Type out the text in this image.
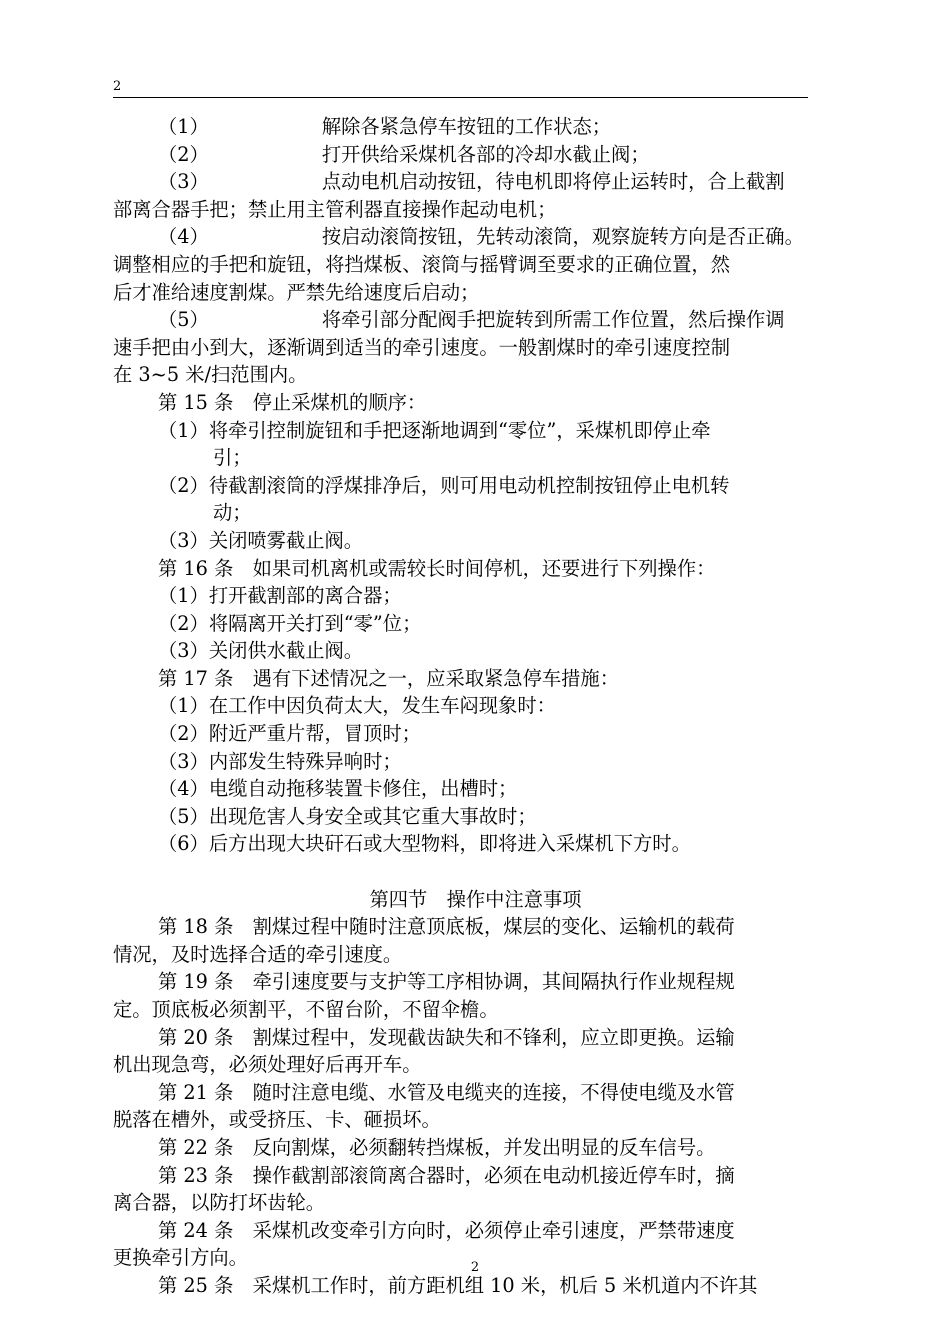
2
（1）	解除各紧急停车按钮的工作状态；
（2）	打开供给采煤机各部的冷却水截止阀；
（3）	点动电机启动按钮，待电机即将停止运转时，合上截割
部离合器手把；禁止用主管利器直接操作起动电机；
（4）	按启动滚筒按钮，先转动滚筒，观察旋转方向是否正确。
调整相应的手把和旋钮，将挡煤板、滚筒与摇臂调至要求的正确位置，然
后才准给速度割煤。严禁先给速度后启动；
（5）	将牵引部分配阀手把旋转到所需工作位置，然后操作调
速手把由小到大，逐渐调到适当的牵引速度。一般割煤时的牵引速度控制
在 3~5 米/扫范围内。
第 15 条　停止采煤机的顺序：
（1）将牵引控制旋钮和手把逐渐地调到“零位”，采煤机即停止牵
引；
（2）待截割滚筒的浮煤排净后，则可用电动机控制按钮停止电机转
动；
（3）关闭喷雾截止阀。
第 16 条　如果司机离机或需较长时间停机，还要进行下列操作：
（1）打开截割部的离合器；
（2）将隔离开关打到“零”位；
（3）关闭供水截止阀。
第 17 条　遇有下述情况之一，应采取紧急停车措施：
（1）在工作中因负荷太大，发生车闷现象时：
（2）附近严重片帮，冒顶时；
（3）内部发生特殊异响时；
（4）电缆自动拖移装置卡修住，出槽时；
（5）出现危害人身安全或其它重大事故时；
（6）后方出现大块矸石或大型物料，即将进入采煤机下方时。
第四节　操作中注意事项
第 18 条　割煤过程中随时注意顶底板，煤层的变化、运输机的载荷
情况，及时选择合适的牵引速度。
第 19 条　牵引速度要与支护等工序相协调，其间隔执行作业规程规
定。顶底板必须割平，不留台阶，不留伞檐。
第 20 条　割煤过程中，发现截齿缺失和不锋利，应立即更换。运输
机出现急弯，必须处理好后再开车。
第 21 条　随时注意电缆、水管及电缆夹的连接，不得使电缆及水管
脱落在槽外，或受挤压、卡、砸损坏。
第 22 条　反向割煤，必须翻转挡煤板，并发出明显的反车信号。
第 23 条　操作截割部滚筒离合器时，必须在电动机接近停车时，摘
离合器，以防打坏齿轮。
第 24 条　采煤机改变牵引方向时，必须停止牵引速度，严禁带速度
更换牵引方向。
第 25 条　采煤机工作时，前方距机组 10 米，机后 5 米机道内不许其
2
